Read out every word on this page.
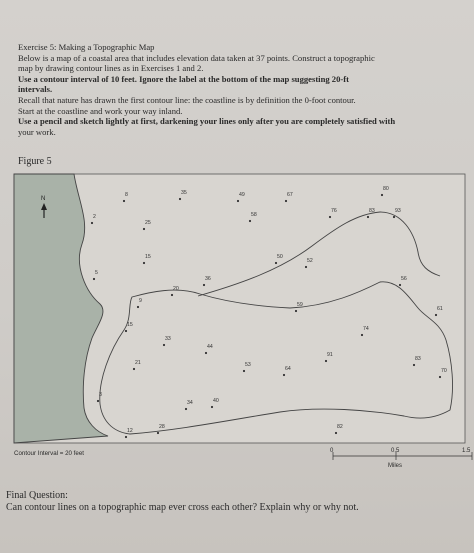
Exercise 5: Making a Topographic Map
Below is a map of a coastal area that includes elevation data taken at 37 points. Construct a topographic
map by drawing contour lines as in Exercises 1 and 2.
Use a contour interval of 10 feet. Ignore the label at the bottom of the map suggesting 20-ft
intervals.
Recall that nature has drawn the first contour line: the coastline is by definition the 0-foot contour.
Start at the coastline and work your way inland.
Use a pencil and sketch lightly at first, darkening your lines only after you are completely satisfied with
your work.
Figure 5
N
8	35	49	67
80
93
2
25
58
76	83
15	50
52
5
36	56
20
61
9
59
15
74
33
44
91
83
21	53
64	70
3
34	40
12
28	82
Contour Interval = 20 feet	0	0.5	1.5
Miles
Final Question:
Can contour lines on a topographic map ever cross each other? Explain why or why not.
